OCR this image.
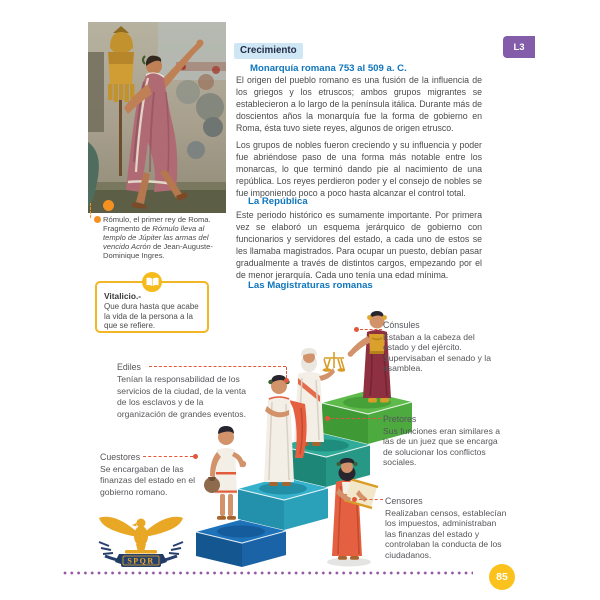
L3
Rómulo, el primer rey de Roma. Fragmento de Rómulo lleva al templo de Júpiter las armas del vencido Acrón de Jean-Auguste-Dominique Ingres.
Vitalicio.-
Que dura hasta que acabe la vida de la persona a la que se refiere.
Crecimiento
Monarquía romana 753 al 509 a. C.
El origen del pueblo romano es una fusión de la influencia de los griegos y los etruscos; ambos grupos migrantes se establecieron a lo largo de la península itálica. Durante más de doscientos años la monarquía fue la forma de gobierno en Roma, ésta tuvo siete reyes, algunos de origen etrusco.
Los grupos de nobles fueron creciendo y su influencia y poder fue abriéndose paso de una forma más notable entre los monarcas, lo que terminó dando pie al nacimiento de una república. Los reyes perdieron poder y el consejo de nobles se fue imponiendo poco a poco hasta alcanzar el control total.
La República
Este periodo histórico es sumamente importante. Por primera vez se elaboró un esquema jerárquico de gobierno con funcionarios y servidores del estado, a cada uno de estos se les llamaba magistrados. Para ocupar un puesto, debían pasar gradualmente a través de distintos cargos, empezando por el de menor jerarquía. Cada uno tenía una edad mínima.
Las Magistraturas romanas
SPQR
Cónsules
Estaban a la cabeza del estado y del ejército. Supervisaban el senado y la asamblea.
Ediles
Tenían la responsabilidad de los servicios de la ciudad, de la venta de los esclavos y de la organización de grandes eventos.
Pretores
Sus funciones eran similares a las de un juez que se encarga de solucionar los conflictos sociales.
Cuestores
Se encargaban de las finanzas del estado en el gobierno romano.
Censores
Realizaban censos, establecían los impuestos, administraban las finanzas del estado y controlaban la conducta de los ciudadanos.
85
